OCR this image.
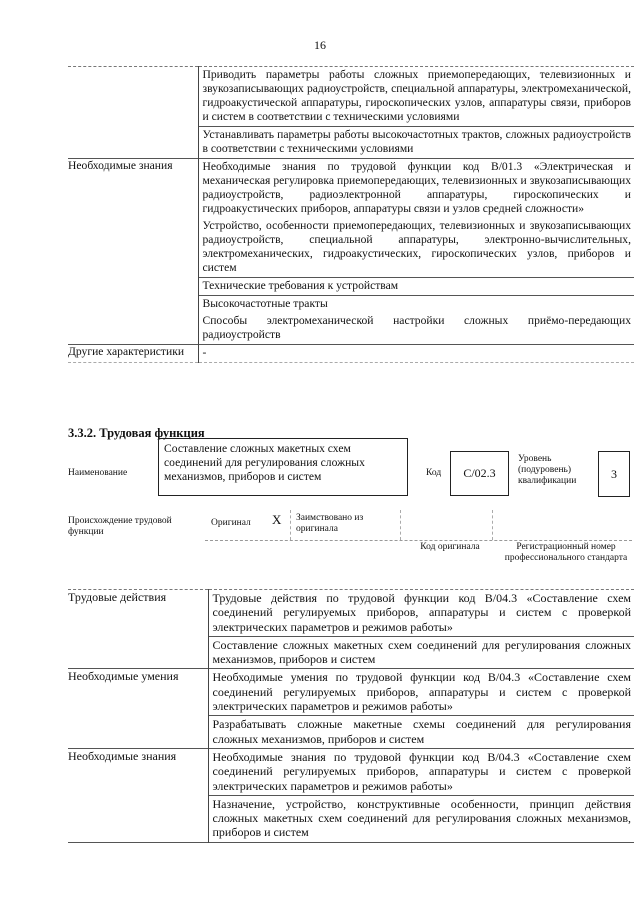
16

	Приводить параметры работы сложных приемопередающих, телевизионных и звукозаписывающих радиоустройств, специальной аппаратуры, электромеханической, гидроакустической аппаратуры, гироскопических узлов, аппаратуры связи, приборов и систем в соответствии с техническими условиями
Устанавливать параметры работы высокочастотных трактов, сложных радиоустройств в соответствии с техническими условиями

Необходимые знания	Необходимые знания по трудовой функции код В/01.3 «Электрическая и механическая регулировка приемопередающих, телевизионных и звукозаписывающих радиоустройств, радиоэлектронной аппаратуры, гироскопических и гидроакустических приборов, аппаратуры связи и узлов средней сложности»
Устройство, особенности приемопередающих, телевизионных и звукозаписывающих радиоустройств, специальной аппаратуры, электронно-вычислительных, электромеханических, гидроакустических, гироскопических узлов, приборов и систем
Технические требования к устройствам
Высокочастотные тракты
Способы электромеханической настройки сложных приёмо-передающих радиоустройств

Другие характеристики	-
3.3.2. Трудовая функция
Наименование
Составление сложных макетных схем соединений для регулирования сложных механизмов, приборов и систем	Код	С/02.3
Уровень (подуровень) квалификации
3
Происхождение трудовой функции
Оригинал Х Заимствовано из оригинала
Код оригинала	Регистрационный номер профессионального стандарта
Трудовые действия	Трудовые действия по трудовой функции код В/04.3 «Составление схем соединений регулируемых приборов, аппаратуры и систем с проверкой электрических параметров и режимов работы»
Составление сложных макетных схем соединений для регулирования сложных механизмов, приборов и систем

Необходимые умения	Необходимые умения по трудовой функции код В/04.3 «Составление схем соединений регулируемых приборов, аппаратуры и систем с проверкой электрических параметров и режимов работы»
Разрабатывать сложные макетные схемы соединений для регулирования сложных механизмов, приборов и систем

Необходимые знания	Необходимые знания по трудовой функции код В/04.3 «Составление схем соединений регулируемых приборов, аппаратуры и систем с проверкой электрических параметров и режимов работы»
Назначение, устройство, конструктивные особенности, принцип действия сложных макетных схем соединений для регулирования сложных механизмов, приборов и систем
